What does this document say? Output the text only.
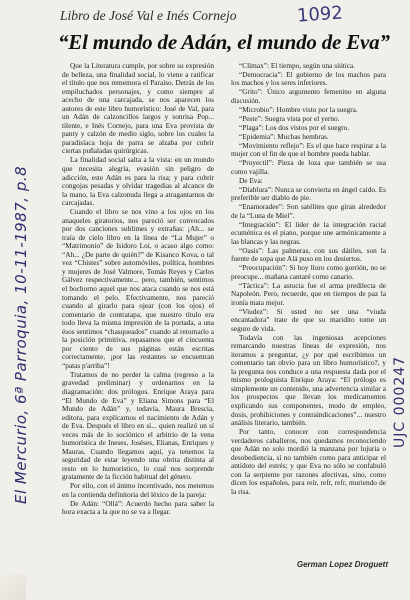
1092
Libro de José Val e Inés Cornejo
“El mundo de Adán, el mundo de Eva”
El Mercurio, 6ª Parroquia, 10-11-1987, p.8	UJC 000247

Que la Literatura cumple, por sobre su expresión de belleza, una finalidad social, lo viene a ratificar el título que nos rememora el Paraíso. Detrás de los empiluchados personajes, y como siempre al acecho de una carcajada, se nos aparecen los autores de este libro humorístico: José de Val, para un Adán de calzoncillos largos y sonrisa Pop... tilente, e Inés Cornejo, para una Eva provista de panty y calzón de medio siglo, sobre los cuales la paradisíaca hoja de parra se alzaba por cubrir ciertas puñaladas quirúrgicas.

La finalidad social salta a la vista: en un mundo que necesita alegría, evasión sin peligro de adicción, este Adán es para la risa; y para cubrir congojas pesadas y olvidar tragedias al alcance de la mano, la Eva calzonuda llega a atragantarnos de carcajadas.

Cuando el libro se nos vino a los ojos en los anaqueles giratorios, nos pareció ser convocados por dos canciones sublimes y extrañas: ¡Ah... se traía de cielo libro en la línea de “La Mujer” o “Matrimonio” de Isidoro Loi, o acaso algo como: “Ah... ¿De parte de quién?” de Kisanco Kova, o tal vez “Chistes” sobre automóviles, política, hombres y mujeres de José Valmore, Tomás Reyes y Carlos Gálvez respectivamente... pero, también, sentimos el bochorno aquel que nos ataca cuando se nos está tomando el pelo. Efectivamente, nos pareció cuando al girarlo para ojear (con los ojos) el comentario de contratapa, que nuestro título era todo lleva la misma impresión de la portada, a una ésos sentimos “chasqueados” cuando al retornarlo a la posición primitiva, repasamos que el cincuenta por ciento de sus páginas están escritas correctamente, ¡por las restantes se encuentran “patas p'arriba”!

Tratamos de no perder la calma (regreso a la gravedad preliminar) y ordenarnos en la diagramación: dos prólogos. Enrique Araya para “El Mundo de Eva” y Eliana Simons para “El Mundo de Adán” y, todavía, Maura Brescia, editora, para explicarnos el nacimiento de Adán y de Eva. Después el libro en sí... quien realizó un sí veces más de lo sociónico el arbitrio de la vena humorística de Ineses, Joséses, Elianas, Enriques y Mauras. Cuando llegamos aquí, ya tenemos la seguridad de estar leyendo una obrita distinta al resto en lo humorístico, lo cual nos sorprende gratamente de la ficción habitual del género.

Por ello, con el ánimo incentivado, nos metemos en la contienda definitoria del léxico de la pareja:

De Adán: “Ollá”: Acuerdo hecho para saber la hora exacta a la que no se va a llegar.

“Clímax”: El tiempo, según una siútica.

“Democracia”: El gobierno de los machos para los machos y los seres inferiores.

“Grito”: Único argumento femenino en alguna discusión.

“Microbio”: Hombre visto por la suegra.

“Peste”: Suegra vista por el yerno.

“Plaga”: Los dos vistos por el suegro.

“Epidemia”: Muchas hembras.

“Movimiento reflejo”: Es el que hace respirar a la mujer con el fin de que el hombre pueda hablar.

“Proyectil”: Pieza de loza que también se usa como vajilla.

De Eva:

“Diablura”: Nunca se convierta en ángel caído. Es preferible ser diablo de pie.

“Enamoradee”: Son satélites que giran alrededor de la “Luna de Miel”.

“Integración”: El líder de la integración racial ecuménica es el piano, porque une armónicamente a las blancas y las negras.

“Oasis”: Las palmeras, con sus dátiles, son la fuente de sopa que Alá puso en los desiertos.

“Preocupación”: Si hoy lloro como gorrión, no se preocupe... mañana cantaré como canario.

“Táctica”: La astucia fue el arma predilecta de Napoleón. Pero, recuerde, que en tiempos de paz la ironía mata mejor.

“Viudez”: Si usted no ser una “viuda encantadora” trate de que su maridito tome un seguro de vida.

Todavía con las ingeniosas acepciones remarcando nuestras líneas de expresión, nos iteramos a preguntar, ¿y por qué escribimos un comentario tan obvio para un libro humorístico?, y la pregunta nos conduce a una respuesta dada por el mismo prologuista Enrique Araya: “El prólogo es simplemente un contenido, una advertencia similar a los prospectos que llevan los medicamentos explicando sus componentes, modo de empleo, dosis, prohibiciones y contraindicaciones”... nuestro análisis literario, también.

Por tanto, conocer con correspondencia verdaderos caballeros, nos quedamos reconociendo que Adán no solo mordió la manzana por lujuria o desobediencia, sí no también como para anticipar el antídoto del estrés; y que Eva no sólo se confabuló con la serpiente por razones afectivas, sino, como dicen los españoles, para reír, refr, refr, muriendo de la risa.

German Lopez Droguett
